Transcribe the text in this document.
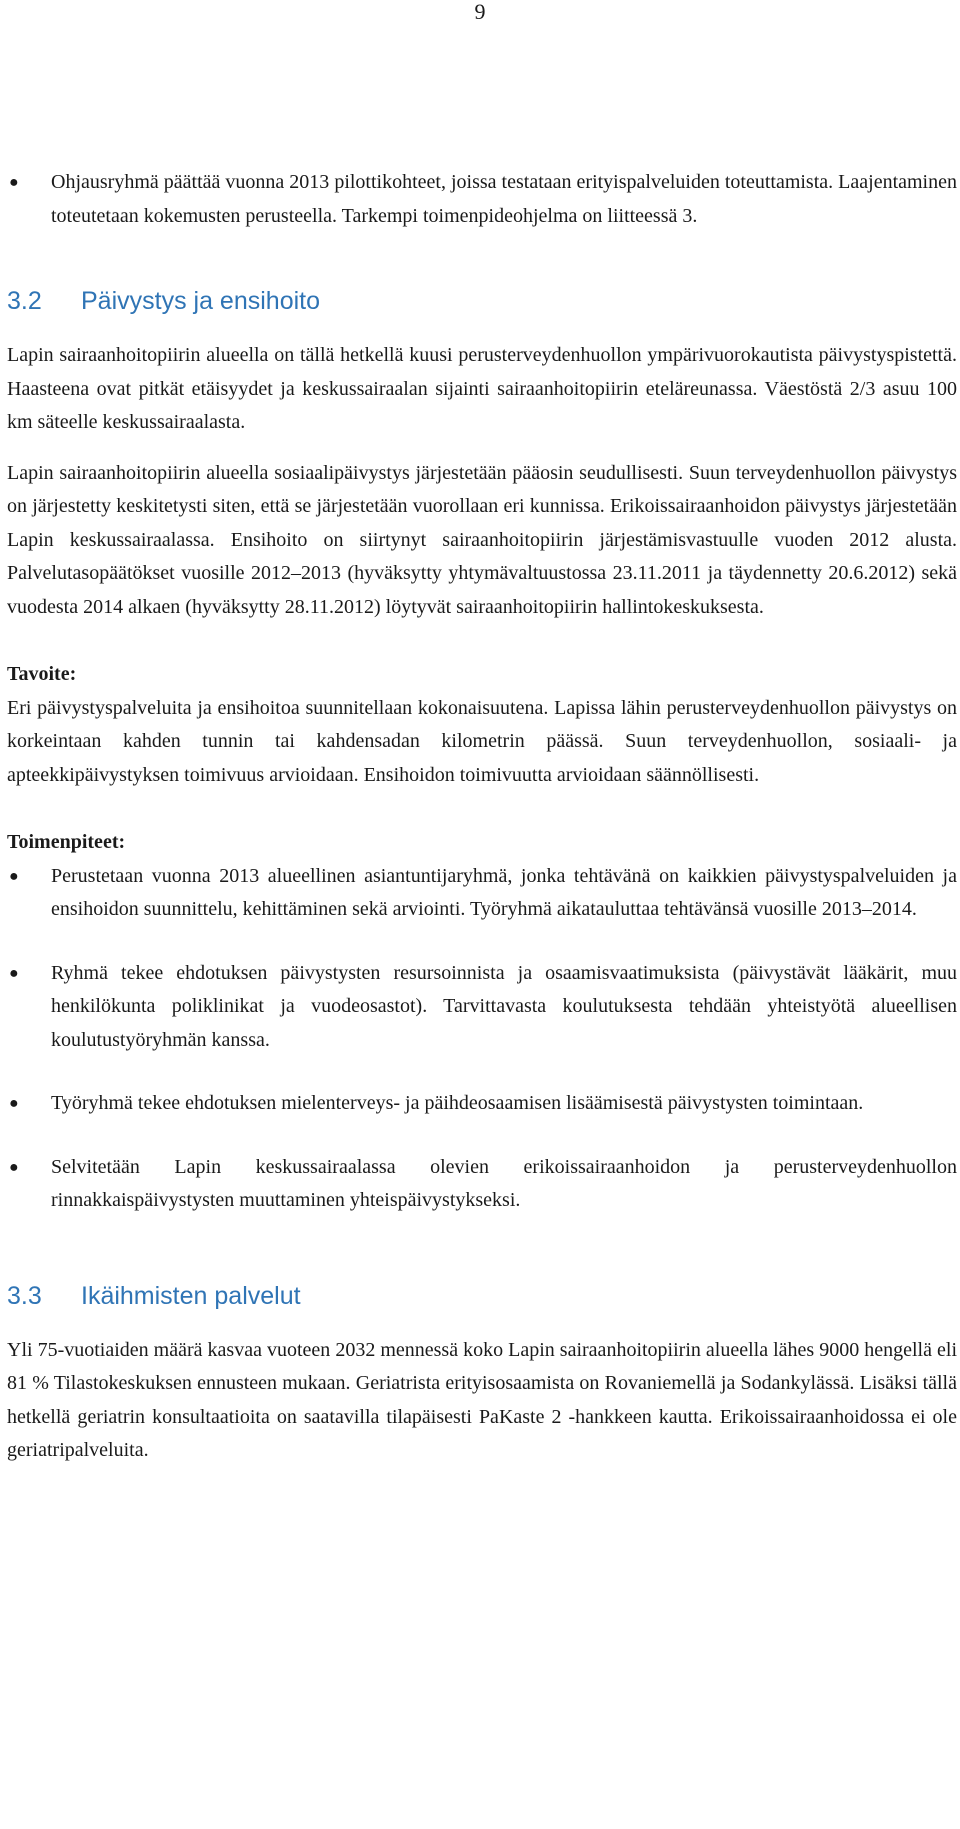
9
● Ohjausryhmä päättää vuonna 2013 pilottikohteet, joissa testataan erityispalveluiden toteuttamista. Laajentaminen toteutetaan kokemusten perusteella. Tarkempi toimenpideohjelma on liitteessä 3.
3.2 Päivystys ja ensihoito

Lapin sairaanhoitopiirin alueella on tällä hetkellä kuusi perusterveydenhuollon ympärivuorokautista päivystyspistettä. Haasteena ovat pitkät etäisyydet ja keskussairaalan sijainti sairaanhoitopiirin eteläreunassa. Väestöstä 2/3 asuu 100 km säteelle keskussairaalasta.

Lapin sairaanhoitopiirin alueella sosiaalipäivystys järjestetään pääosin seudullisesti. Suun terveydenhuollon päivystys on järjestetty keskitetysti siten, että se järjestetään vuorollaan eri kunnissa. Erikoissairaanhoidon päivystys järjestetään Lapin keskussairaalassa. Ensihoito on siirtynyt sairaanhoitopiirin järjestämisvastuulle vuoden 2012 alusta. Palvelutasopäätökset vuosille 2012–2013 (hyväksytty yhtymävaltuustossa 23.11.2011 ja täydennetty 20.6.2012) sekä vuodesta 2014 alkaen (hyväksytty 28.11.2012) löytyvät sairaanhoitopiirin hallintokeskuksesta.

Tavoite:

Eri päivystyspalveluita ja ensihoitoa suunnitellaan kokonaisuutena. Lapissa lähin perusterveydenhuollon päivystys on korkeintaan kahden tunnin tai kahdensadan kilometrin päässä. Suun terveydenhuollon, sosiaali- ja apteekkipäivystyksen toimivuus arvioidaan. Ensihoidon toimivuutta arvioidaan säännöllisesti.

Toimenpiteet:

● Perustetaan vuonna 2013 alueellinen asiantuntijaryhmä, jonka tehtävänä on kaikkien päivystyspalveluiden ja ensihoidon suunnittelu, kehittäminen sekä arviointi. Työryhmä aikatauluttaa tehtävänsä vuosille 2013–2014.
● Ryhmä tekee ehdotuksen päivystysten resursoinnista ja osaamisvaatimuksista (päivystävät lääkärit, muu henkilökunta poliklinikat ja vuodeosastot). Tarvittavasta koulutuksesta tehdään yhteistyötä alueellisen koulutustyöryhmän kanssa.
● Työryhmä tekee ehdotuksen mielenterveys- ja päihdeosaamisen lisäämisestä päivystysten toimintaan.
● Selvitetään Lapin keskussairaalassa olevien erikoissairaanhoidon ja perusterveydenhuollon rinnakkaispäivystysten muuttaminen yhteispäivystykseksi.
3.3 Ikäihmisten palvelut

Yli 75-vuotiaiden määrä kasvaa vuoteen 2032 mennessä koko Lapin sairaanhoitopiirin alueella lähes 9000 hengellä eli 81 % Tilastokeskuksen ennusteen mukaan. Geriatrista erityisosaamista on Rovaniemellä ja Sodankylässä. Lisäksi tällä hetkellä geriatrin konsultaatioita on saatavilla tilapäisesti PaKaste 2 -hankkeen kautta. Erikoissairaanhoidossa ei ole geriatripalveluita.
